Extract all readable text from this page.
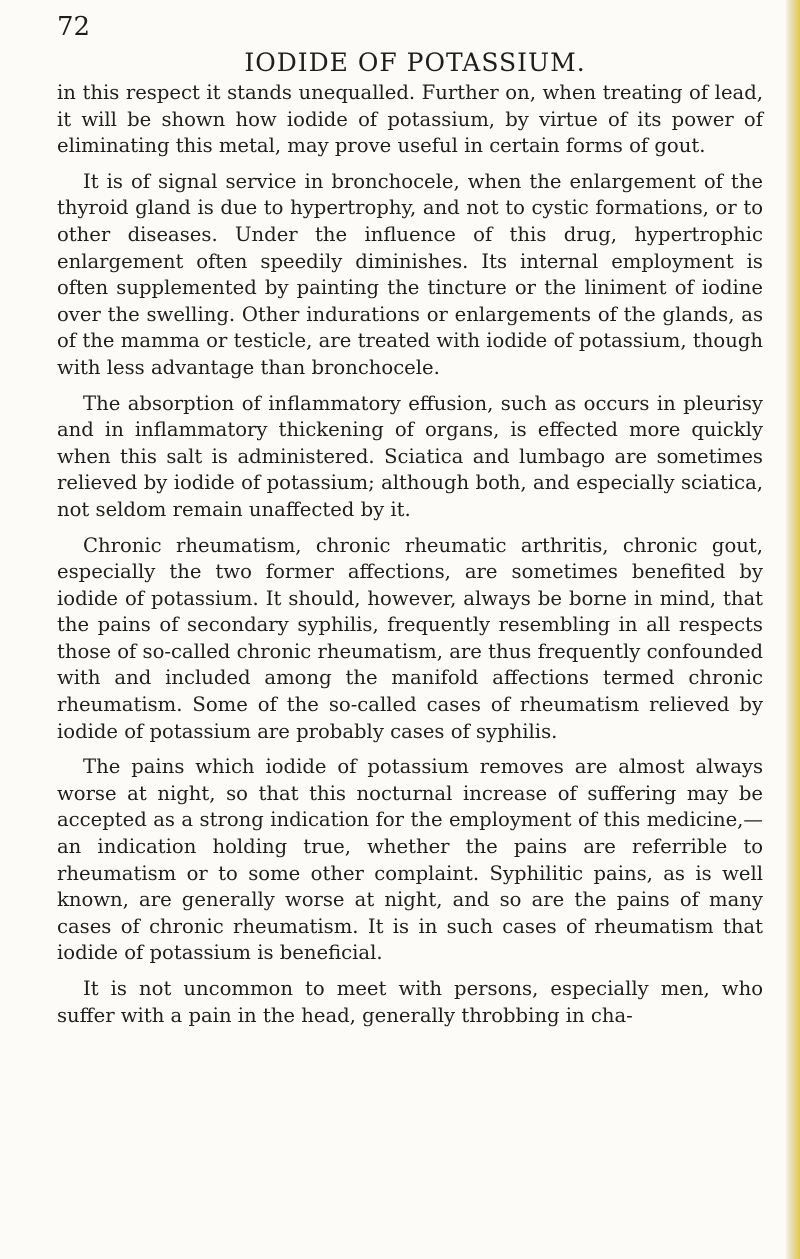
72
IODIDE OF POTASSIUM.

in this respect it stands unequalled. Further on, when treating of lead, it will be shown how iodide of potassium, by virtue of its power of eliminating this metal, may prove useful in certain forms of gout.

It is of signal service in bronchocele, when the enlargement of the thyroid gland is due to hypertrophy, and not to cystic formations, or to other diseases. Under the influence of this drug, hypertrophic enlargement often speedily diminishes. Its internal employment is often supplemented by painting the tincture or the liniment of iodine over the swelling. Other indurations or enlargements of the glands, as of the mamma or testicle, are treated with iodide of potassium, though with less advantage than bronchocele.

The absorption of inflammatory effusion, such as occurs in pleurisy and in inflammatory thickening of organs, is effected more quickly when this salt is administered. Sciatica and lumbago are sometimes relieved by iodide of potassium; although both, and especially sciatica, not seldom remain unaffected by it.

Chronic rheumatism, chronic rheumatic arthritis, chronic gout, especially the two former affections, are sometimes benefited by iodide of potassium. It should, however, always be borne in mind, that the pains of secondary syphilis, frequently resembling in all respects those of so-called chronic rheumatism, are thus frequently confounded with and included among the manifold affections termed chronic rheumatism. Some of the so-called cases of rheumatism relieved by iodide of potassium are probably cases of syphilis.

The pains which iodide of potassium removes are almost always worse at night, so that this nocturnal increase of suffering may be accepted as a strong indication for the employment of this medicine,—an indication holding true, whether the pains are referrible to rheumatism or to some other complaint. Syphilitic pains, as is well known, are generally worse at night, and so are the pains of many cases of chronic rheumatism. It is in such cases of rheumatism that iodide of potassium is beneficial.

It is not uncommon to meet with persons, especially men, who suffer with a pain in the head, generally throbbing in cha-
